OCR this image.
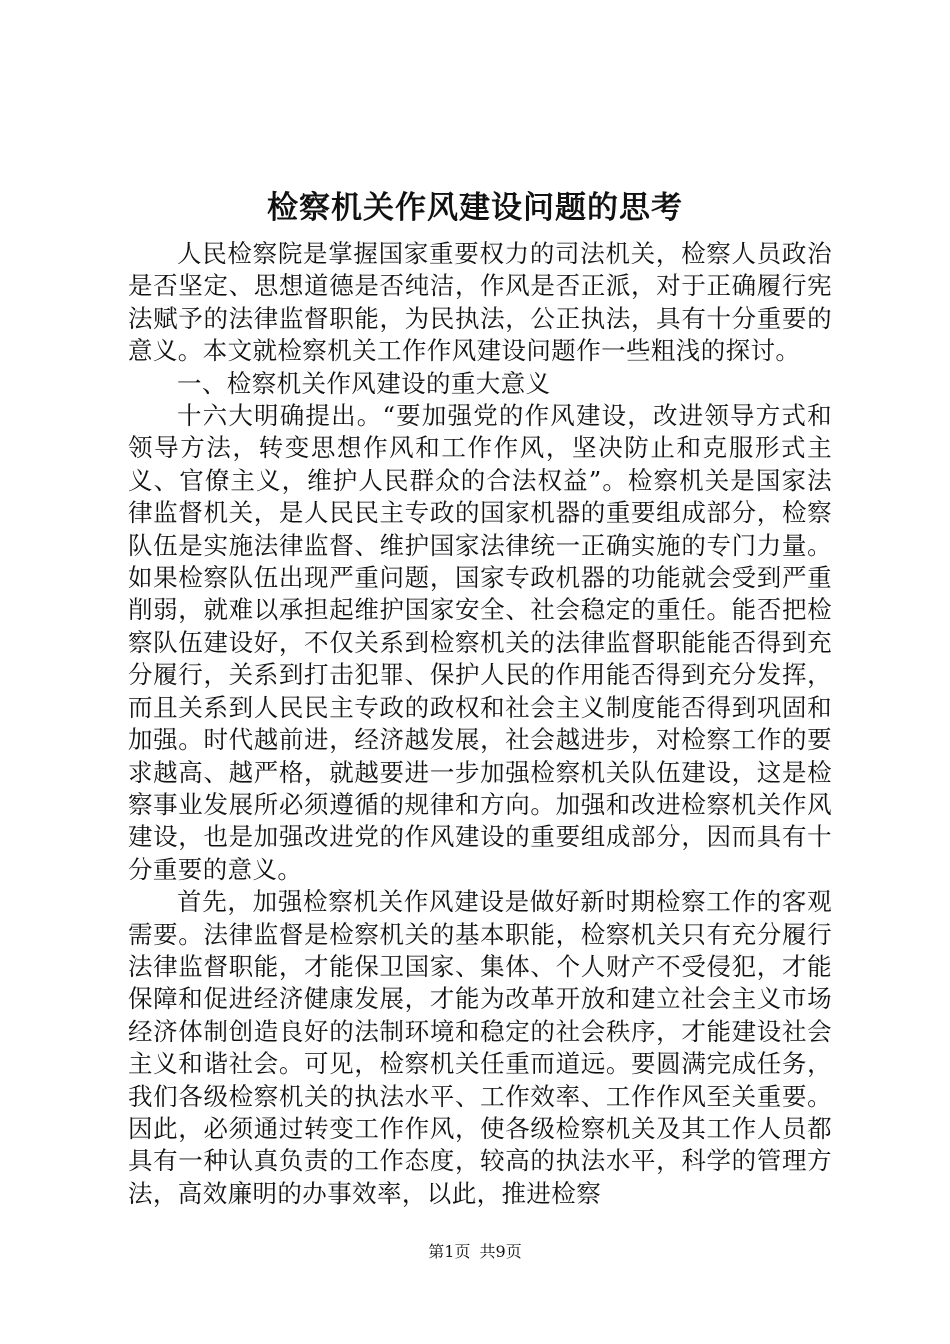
检察机关作风建设问题的思考

人民检察院是掌握国家重要权力的司法机关，检察人员政治是否坚定、思想道德是否纯洁，作风是否正派，对于正确履行宪法赋予的法律监督职能，为民执法，公正执法，具有十分重要的意义。本文就检察机关工作作风建设问题作一些粗浅的探讨。

一、检察机关作风建设的重大意义

十六大明确提出。“要加强党的作风建设，改进领导方式和领导方法，转变思想作风和工作作风，坚决防止和克服形式主义、官僚主义，维护人民群众的合法权益”。检察机关是国家法律监督机关，是人民民主专政的国家机器的重要组成部分，检察队伍是实施法律监督、维护国家法律统一正确实施的专门力量。如果检察队伍出现严重问题，国家专政机器的功能就会受到严重削弱，就难以承担起维护国家安全、社会稳定的重任。能否把检察队伍建设好，不仅关系到检察机关的法律监督职能能否得到充分履行，关系到打击犯罪、保护人民的作用能否得到充分发挥，而且关系到人民民主专政的政权和社会主义制度能否得到巩固和加强。时代越前进，经济越发展，社会越进步，对检察工作的要求越高、越严格，就越要进一步加强检察机关队伍建设，这是检察事业发展所必须遵循的规律和方向。加强和改进检察机关作风建设，也是加强改进党的作风建设的重要组成部分，因而具有十分重要的意义。

首先，加强检察机关作风建设是做好新时期检察工作的客观需要。法律监督是检察机关的基本职能，检察机关只有充分履行法律监督职能，才能保卫国家、集体、个人财产不受侵犯，才能保障和促进经济健康发展，才能为改革开放和建立社会主义市场经济体制创造良好的法制环境和稳定的社会秩序，才能建设社会主义和谐社会。可见，检察机关任重而道远。要圆满完成任务，我们各级检察机关的执法水平、工作效率、工作作风至关重要。因此，必须通过转变工作作风，使各级检察机关及其工作人员都具有一种认真负责的工作态度，较高的执法水平，科学的管理方法，高效廉明的办事效率，以此，推进检察

第1页 共9页
